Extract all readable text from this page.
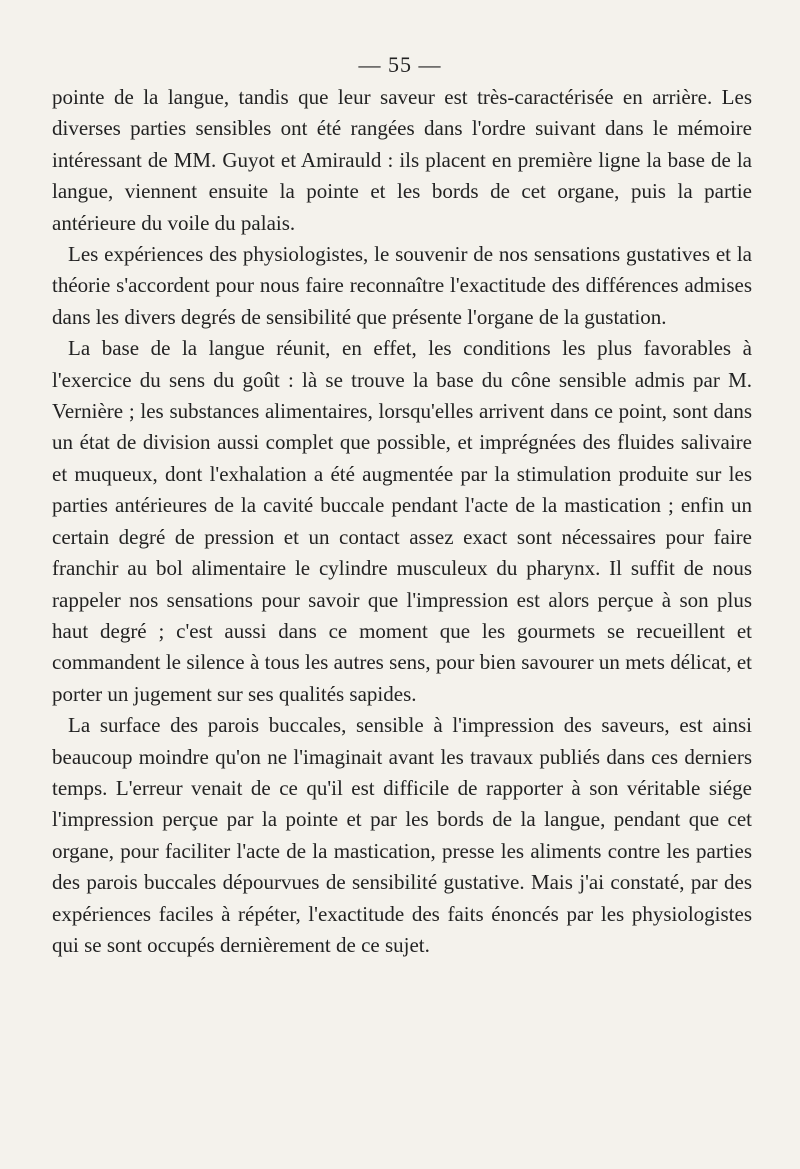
— 55 —

pointe de la langue, tandis que leur saveur est très-caractérisée en arrière. Les diverses parties sensibles ont été rangées dans l'ordre suivant dans le mémoire intéressant de MM. Guyot et Amirauld : ils placent en première ligne la base de la langue, viennent ensuite la pointe et les bords de cet organe, puis la partie antérieure du voile du palais.

Les expériences des physiologistes, le souvenir de nos sensations gustatives et la théorie s'accordent pour nous faire reconnaître l'exactitude des différences admises dans les divers degrés de sensibilité que présente l'organe de la gustation.

La base de la langue réunit, en effet, les conditions les plus favorables à l'exercice du sens du goût : là se trouve la base du cône sensible admis par M. Vernière ; les substances alimentaires, lorsqu'elles arrivent dans ce point, sont dans un état de division aussi complet que possible, et imprégnées des fluides salivaire et muqueux, dont l'exhalation a été augmentée par la stimulation produite sur les parties antérieures de la cavité buccale pendant l'acte de la mastication ; enfin un certain degré de pression et un contact assez exact sont nécessaires pour faire franchir au bol alimentaire le cylindre musculeux du pharynx. Il suffit de nous rappeler nos sensations pour savoir que l'impression est alors perçue à son plus haut degré ; c'est aussi dans ce moment que les gourmets se recueillent et commandent le silence à tous les autres sens, pour bien savourer un mets délicat, et porter un jugement sur ses qualités sapides.

La surface des parois buccales, sensible à l'impression des saveurs, est ainsi beaucoup moindre qu'on ne l'imaginait avant les travaux publiés dans ces derniers temps. L'erreur venait de ce qu'il est difficile de rapporter à son véritable siége l'impression perçue par la pointe et par les bords de la langue, pendant que cet organe, pour faciliter l'acte de la mastication, presse les aliments contre les parties des parois buccales dépourvues de sensibilité gustative. Mais j'ai constaté, par des expériences faciles à répéter, l'exactitude des faits énoncés par les physiologistes qui se sont occupés dernièrement de ce sujet.
